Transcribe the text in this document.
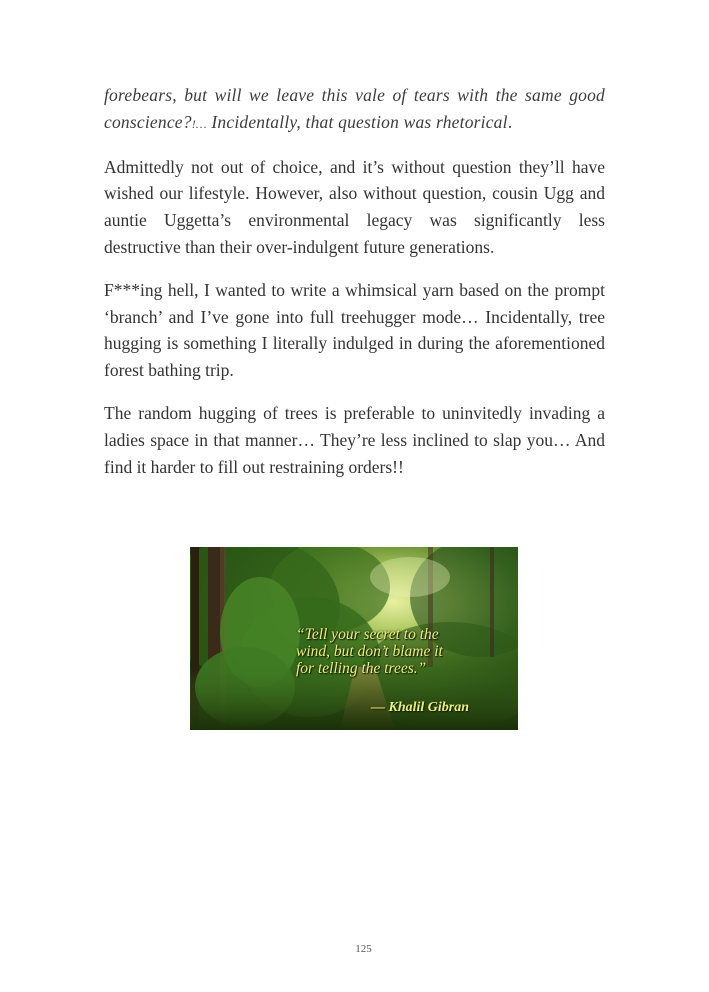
forebears, but will we leave this vale of tears with the same good conscience?!… Incidentally, that question was rhetorical.

Admittedly not out of choice, and it’s without question they’ll have wished our lifestyle. However, also without question, cousin Ugg and auntie Uggetta’s environmental legacy was significantly less destructive than their over-indulgent future generations.

F***ing hell, I wanted to write a whimsical yarn based on the prompt ‘branch’ and I’ve gone into full treehugger mode… Incidentally, tree hugging is something I literally indulged in during the aforementioned forest bathing trip.

The random hugging of trees is preferable to uninvitedly invading a ladies space in that manner… They’re less inclined to slap you… And find it harder to fill out restraining orders!!

“Tell your secret to the
wind, but don’t blame it
for telling the trees.”
— Khalil Gibran
125
